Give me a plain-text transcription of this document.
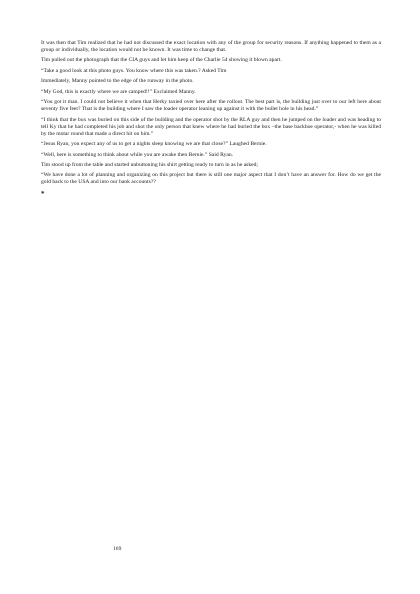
It was then that Tim realized that he had not discussed the exact location with any of the group for security reasons. If anything happened to them as a group or individually, the location would not be known. It was time to change that.

Tim pulled out the photograph that the CIA guys and let him keep of the Charlie 54 showing it blown apart.

“Take a good look at this photo guys. You know where this was taken.? Asked Tim

Immediately, Manny pointed to the edge of the runway in the photo.

“My God, this is exactly where we are camped!!” Exclaimed Manny.

“You got it man. I could not believe it when that Herky taxied over here after the rollout. The best part is, the building just over to our left here about seventy five feet? That is the building where I saw the loader operator leaning up against it with the bullet hole in his head.”

“I think that the box was buried on this side of the building and the operator shot by the RLA guy and then he jumped on the loader and was heading to tell Ky that he had completed his job and shot the only person that knew where he had buried the box –the base backhoe operator,- when he was killed by the motar round that made a direct hit on him.”

“Jesus Ryan, you expect any of us to get a nights sleep knowing we are that close?” Laughed Bernie.

“Well, here is something to think about while you are awake then Bernie.” Said Ryan.

Tim stood up from the table and started unbuttoning his shirt getting ready to turn in as he asked;

“We have done a lot of planning and organizing on this project but there is still one major aspect that I don’t have an answer for. How do we get the gold back to the USA and into our bank accounts??

*
169
